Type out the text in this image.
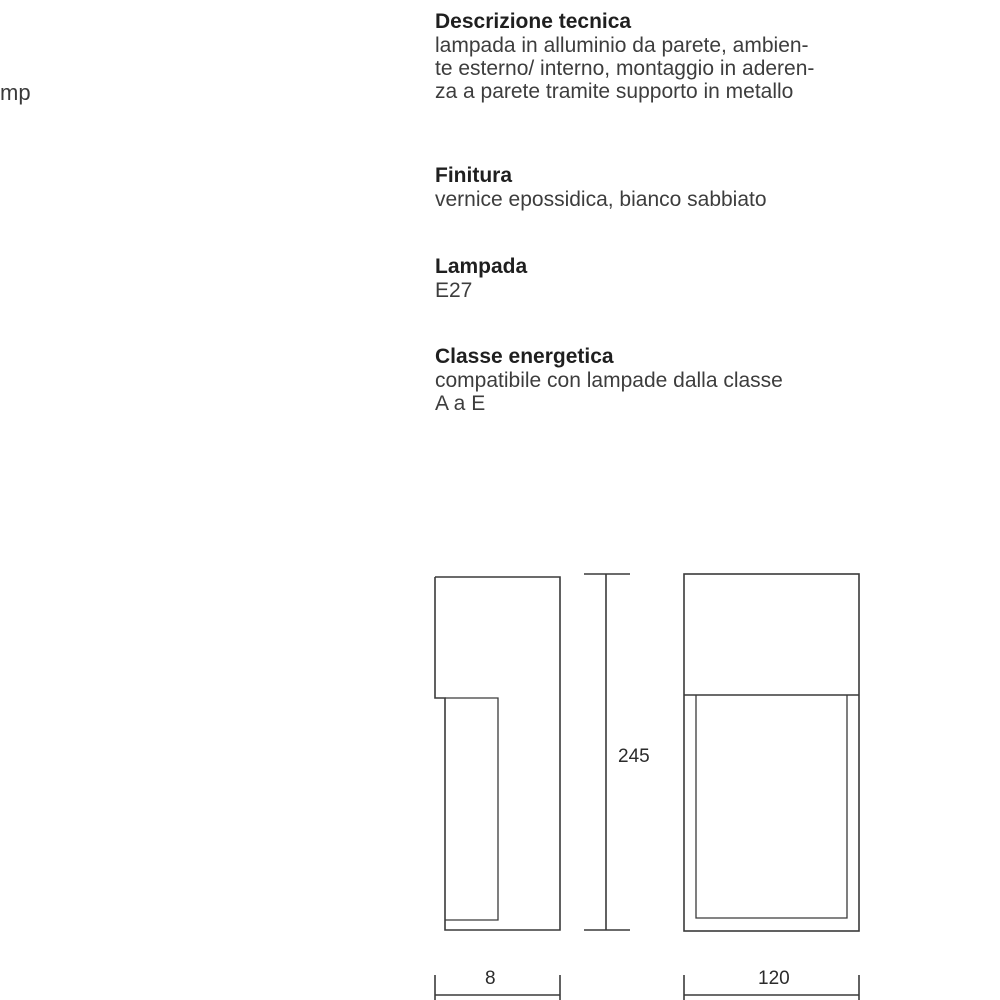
mp
Descrizione tecnica

lampada in alluminio da parete, ambien-

te esterno/ interno, montaggio in aderen-

za a parete tramite supporto in metallo

Finitura

vernice epossidica, bianco sabbiato

Lampada

E27

Classe energetica

compatibile con lampade dalla classe

A a E

245
8	120
